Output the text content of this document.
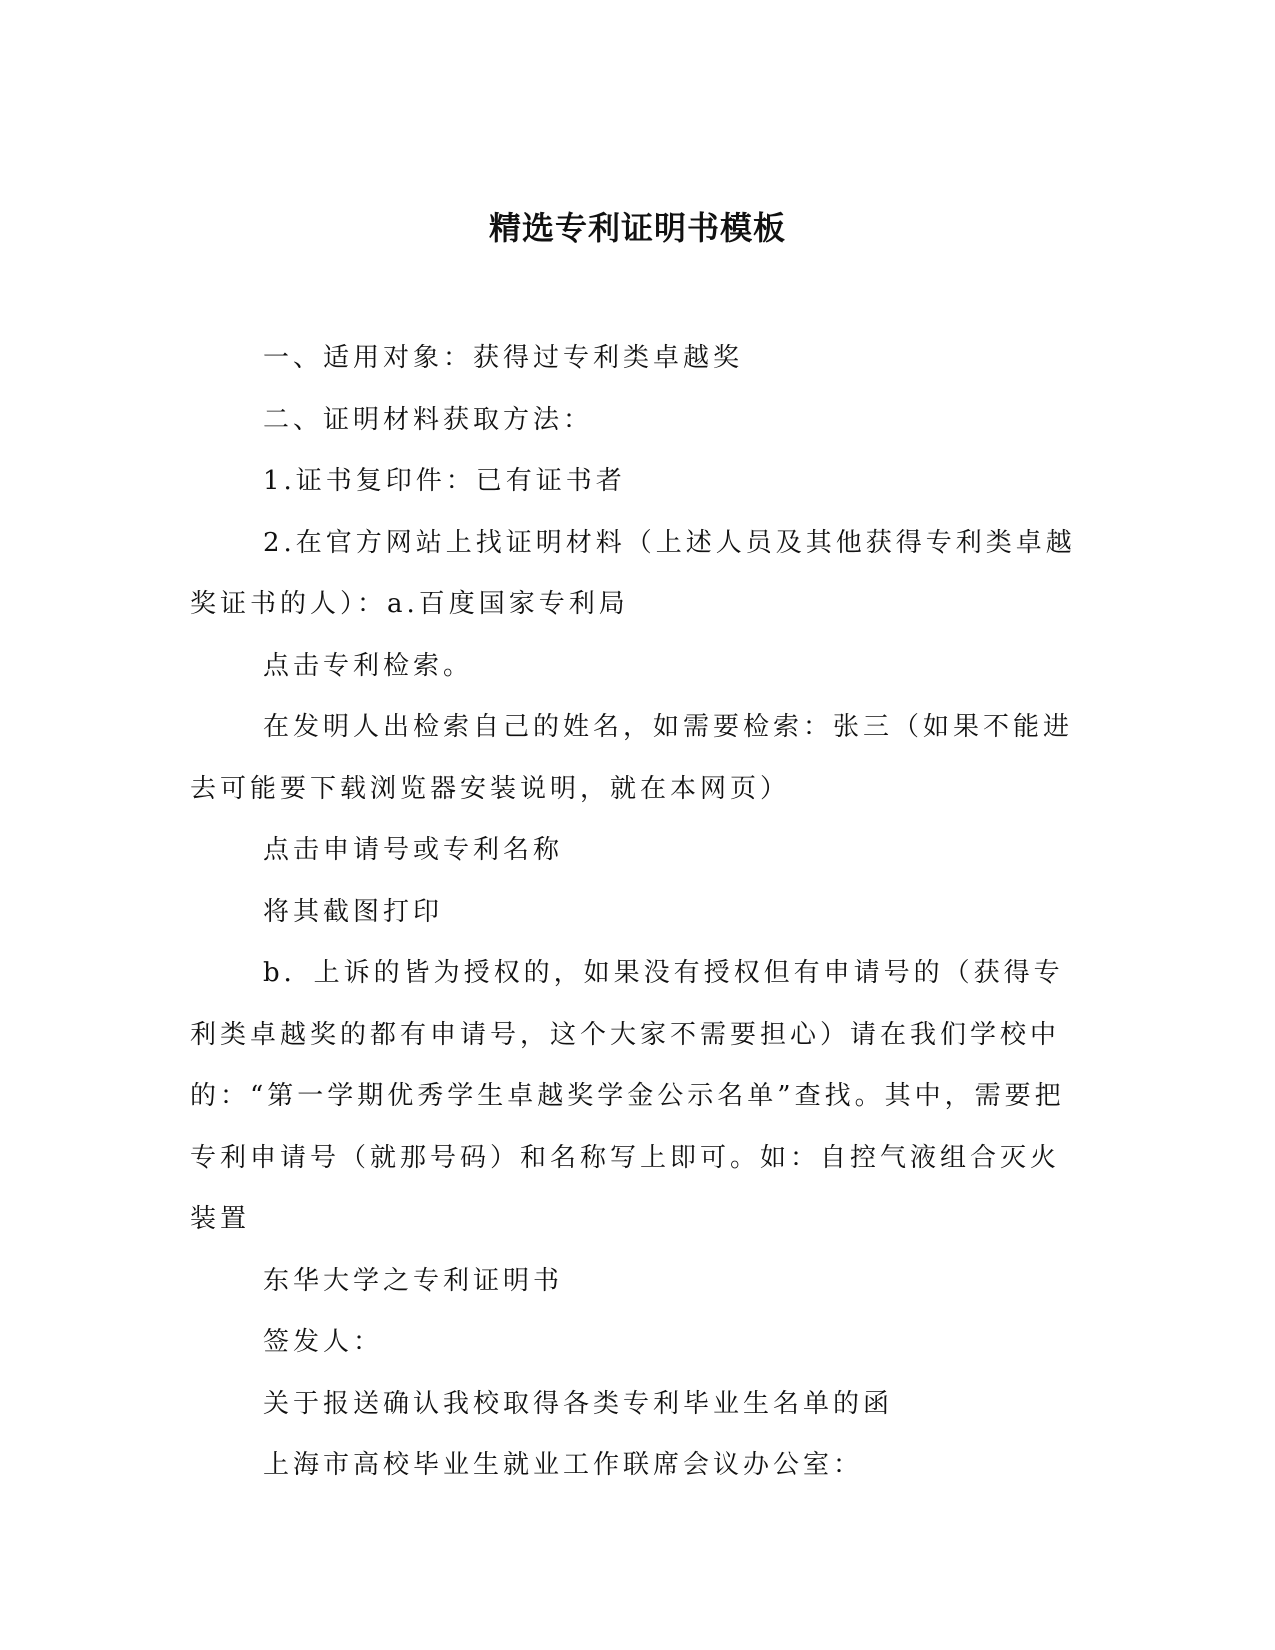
精选专利证明书模板

一、适用对象：获得过专利类卓越奖

二、证明材料获取方法：

1.证书复印件：已有证书者

2.在官方网站上找证明材料（上述人员及其他获得专利类卓越奖证书的人）：a.百度国家专利局

点击专利检索。

在发明人出检索自己的姓名，如需要检索：张三（如果不能进去可能要下载浏览器安装说明，就在本网页）

点击申请号或专利名称

将其截图打印

b．上诉的皆为授权的，如果没有授权但有申请号的（获得专利类卓越奖的都有申请号，这个大家不需要担心）请在我们学校中的：“第一学期优秀学生卓越奖学金公示名单”查找。其中，需要把专利申请号（就那号码）和名称写上即可。如：自控气液组合灭火装置

东华大学之专利证明书

签发人：

关于报送确认我校取得各类专利毕业生名单的函

上海市高校毕业生就业工作联席会议办公室：
